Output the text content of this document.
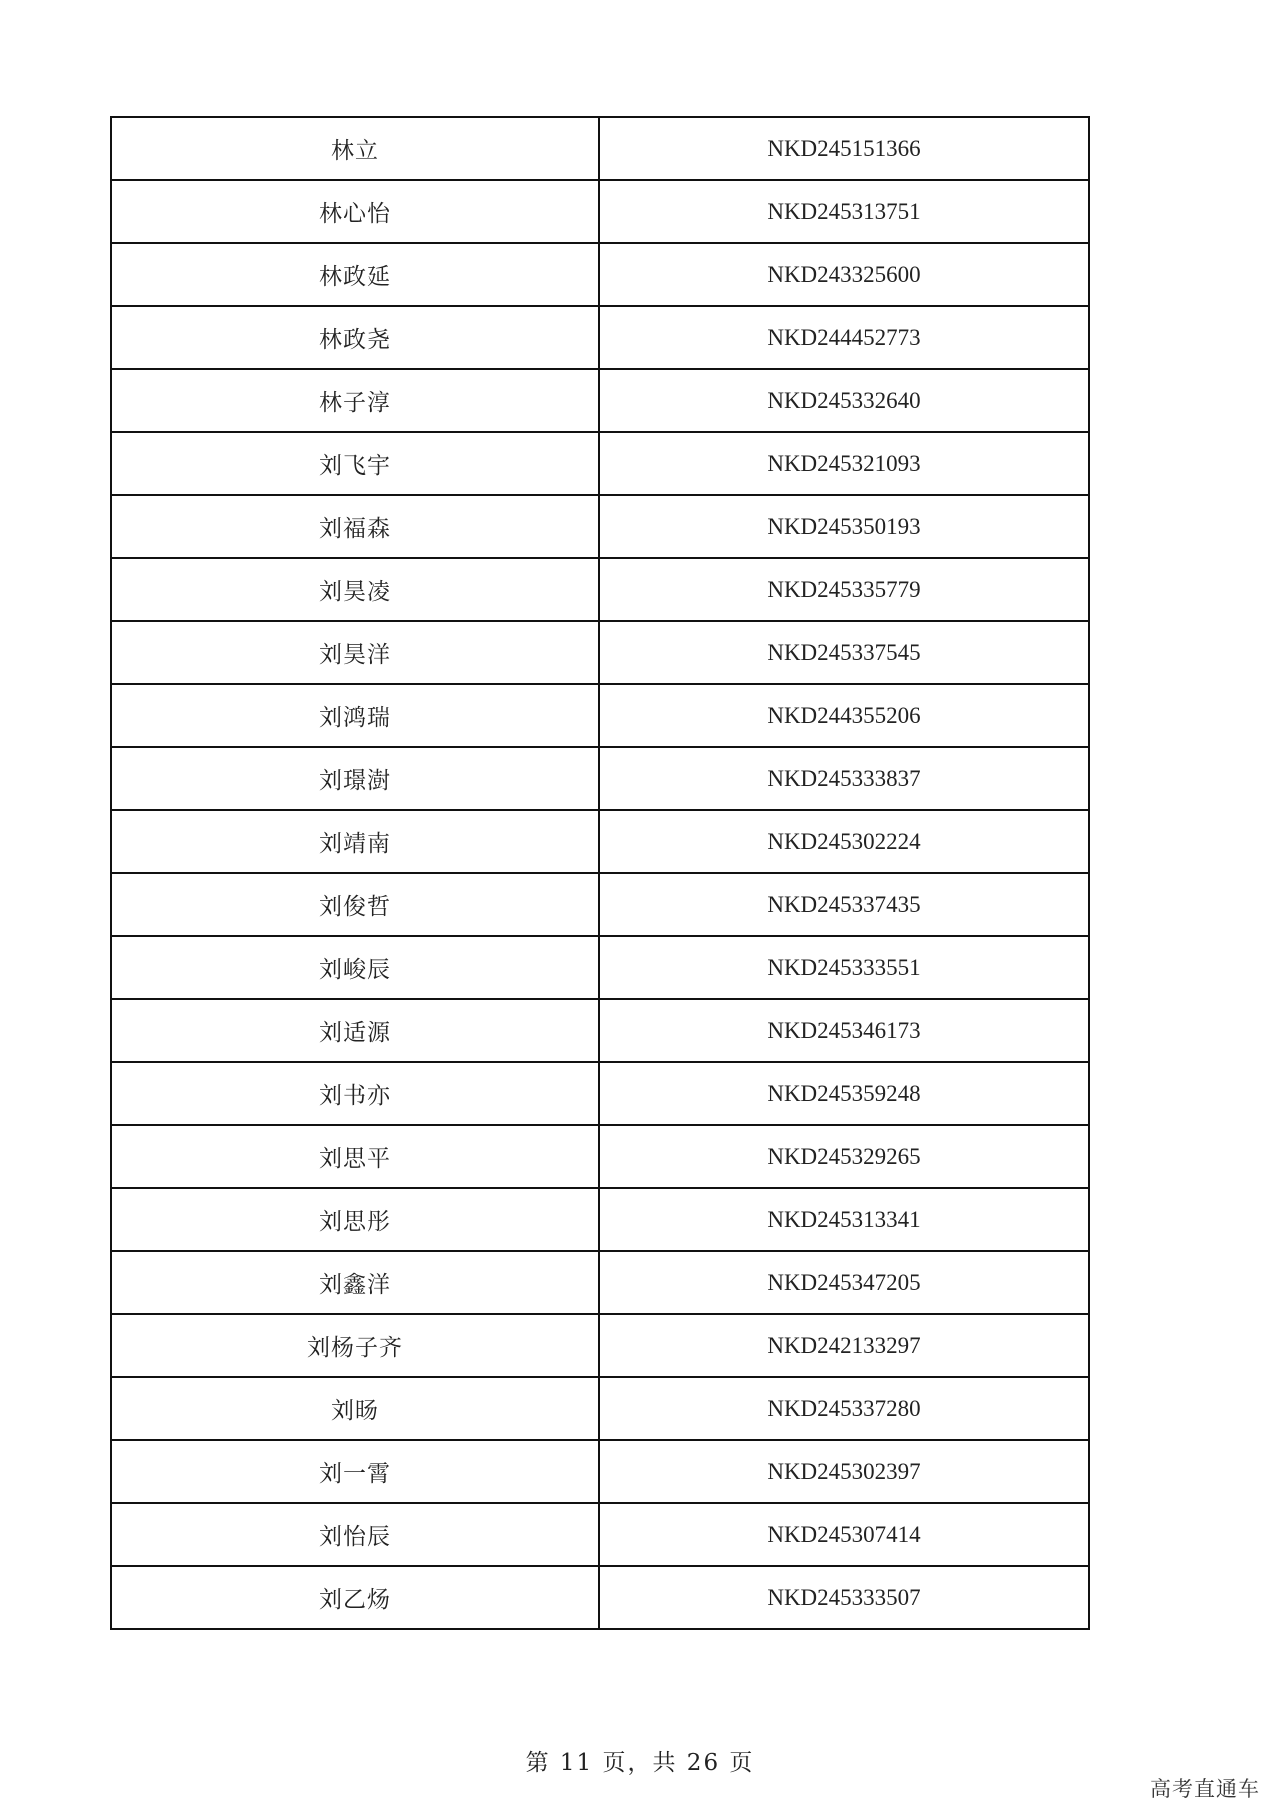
林立	NKD245151366
林心怡	NKD245313751
林政延	NKD243325600
林政尧	NKD244452773
林子淳	NKD245332640
刘飞宇	NKD245321093
刘福森	NKD245350193
刘昊凌	NKD245335779
刘昊洋	NKD245337545
刘鸿瑞	NKD244355206
刘璟澍	NKD245333837
刘靖南	NKD245302224
刘俊哲	NKD245337435
刘峻辰	NKD245333551
刘适源	NKD245346173
刘书亦	NKD245359248
刘思平	NKD245329265
刘思彤	NKD245313341
刘鑫洋	NKD245347205
刘杨子齐	NKD242133297
刘旸	NKD245337280
刘一霄	NKD245302397
刘怡辰	NKD245307414
刘乙炀	NKD245333507
第 11 页，共 26 页
高考直通车
